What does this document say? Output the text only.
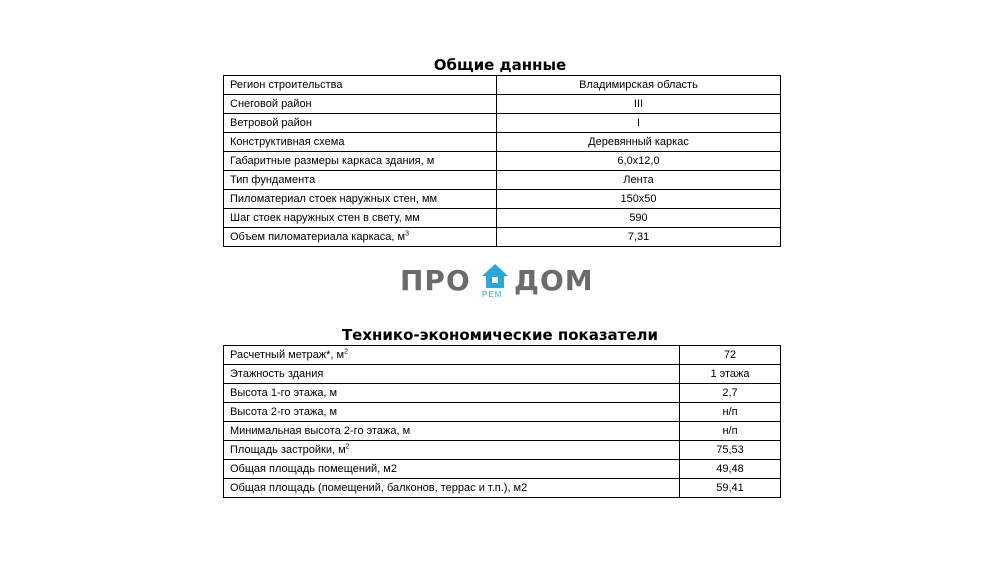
Общие данные
Регион строительства	Владимирская область
Снеговой район	III
Ветровой район	I
Конструктивная схема	Деревянный каркас
Габаритные размеры каркаса здания, м	6,0x12,0
Тип фундамента	Лента
Пиломатериал стоек наружных стен, мм	150x50
Шаг стоек наружных стен в свету, мм	590
Объем пиломатериала каркаса, $м^3$	7,31
ПРО РЕМ ДОМ
Технико-экономические показатели
Расчетный метраж*, $м^2$	72
Этажность здания	1 этажа
Высота 1-го этажа, м	2,7
Высота 2-го этажа, м	н/п
Минимальная высота 2-го этажа, м	н/п
Площадь застройки, $м^2$	75,53
Общая площадь помещений, м2	49,48
Общая площадь (помещений, балконов, террас и т.п.), м2	59,41
